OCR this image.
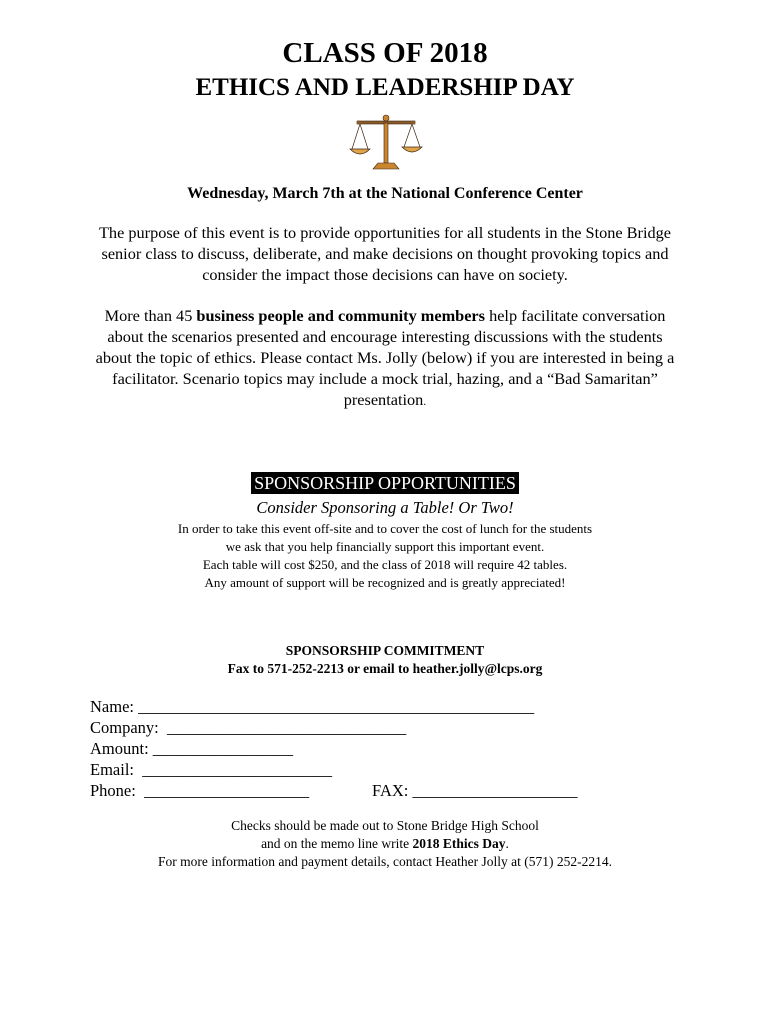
CLASS OF 2018
ETHICS AND LEADERSHIP DAY
Wednesday, March 7th at the National Conference Center
The purpose of this event is to provide opportunities for all students in the Stone Bridge senior class to discuss, deliberate, and make decisions on thought provoking topics and consider the impact those decisions can have on society.
More than 45 business people and community members help facilitate conversation about the scenarios presented and encourage interesting discussions with the students about the topic of ethics. Please contact Ms. Jolly (below) if you are interested in being a facilitator. Scenario topics may include a mock trial, hazing, and a “Bad Samaritan” presentation.
SPONSORSHIP OPPORTUNITIES
Consider Sponsoring a Table! Or Two!
In order to take this event off-site and to cover the cost of lunch for the students
we ask that you help financially support this important event.
Each table will cost $250, and the class of 2018 will require 42 tables.
Any amount of support will be recognized and is greatly appreciated!
SPONSORSHIP COMMITMENT
Fax to 571-252-2213 or email to heather.jolly@lcps.org
Name: ________________________________________________
Company:  _____________________________
Amount: _________________
Email:  _______________________
Phone:  ____________________	FAX: ____________________
Checks should be made out to Stone Bridge High School
and on the memo line write 2018 Ethics Day.
For more information and payment details, contact Heather Jolly at (571) 252-2214.
